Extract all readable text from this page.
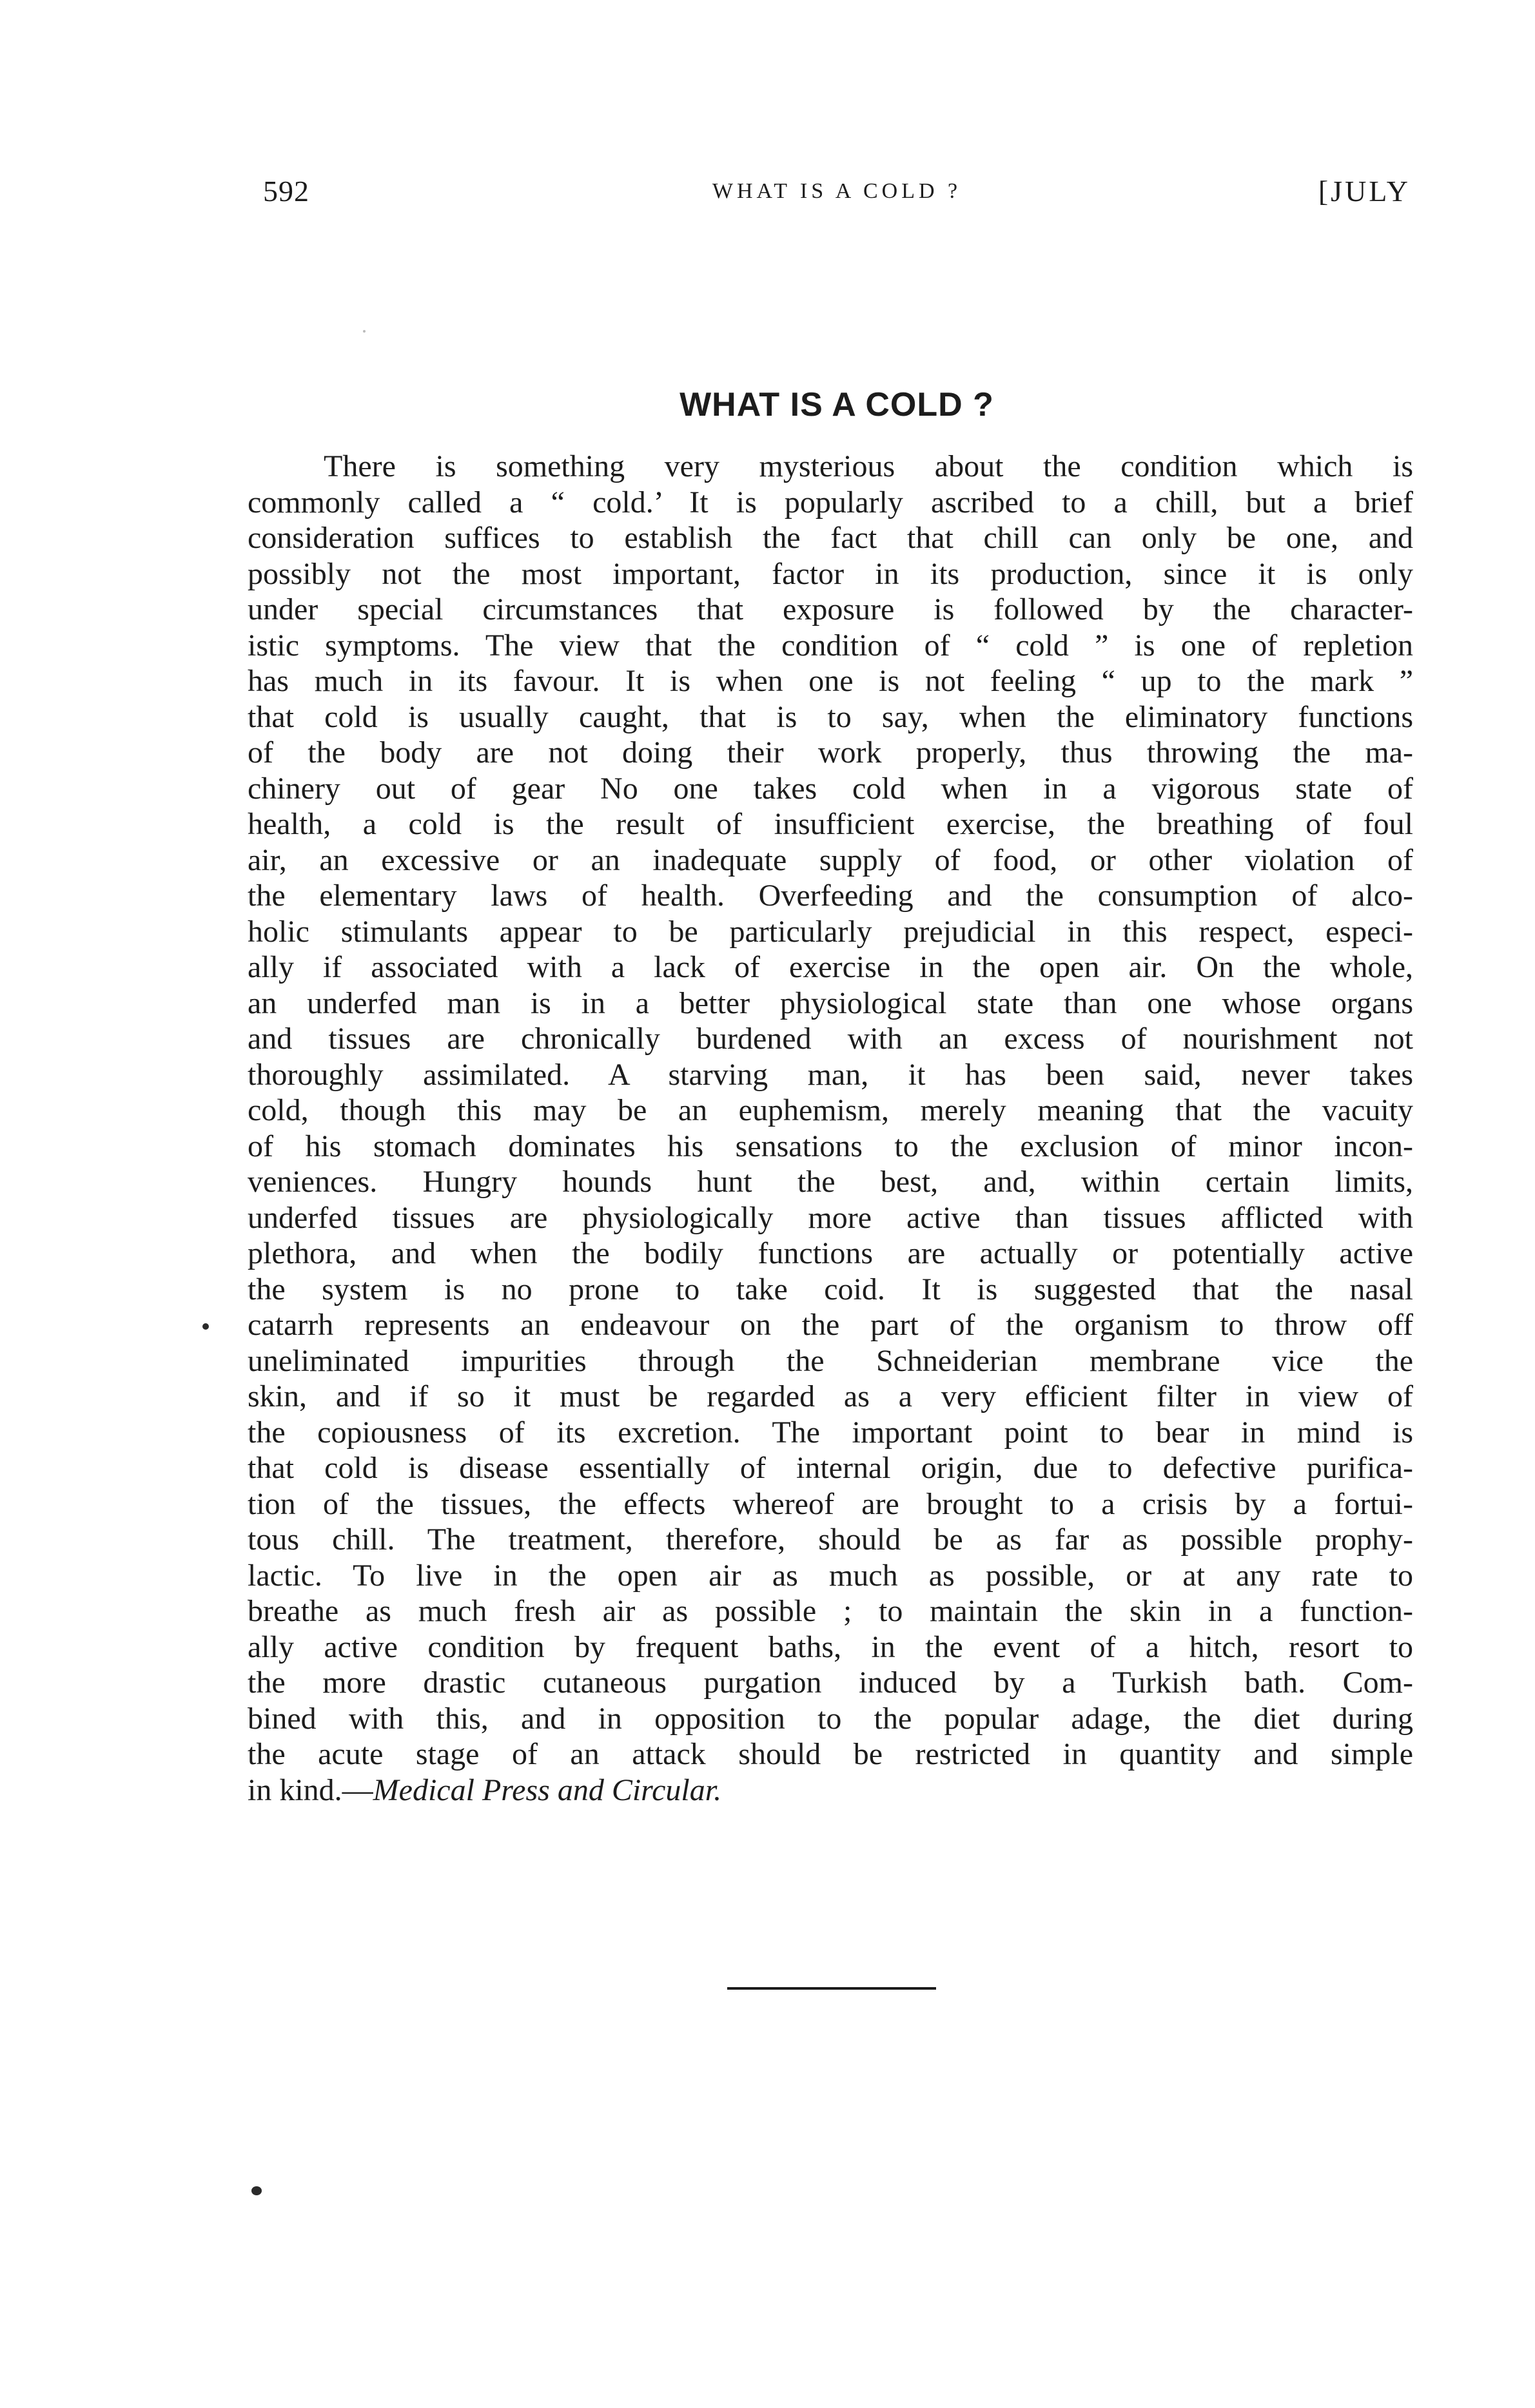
592	WHAT IS A COLD ?	[JULY
WHAT IS A COLD ?
There is something very mysterious about the condition which is
commonly called a “ cold.’ It is popularly ascribed to a chill, but a brief
consideration suffices to establish the fact that chill can only be one, and
possibly not the most important, factor in its production, since it is only
under special circumstances that exposure is followed by the character-
istic symptoms. The view that the condition of “ cold ” is one of repletion
has much in its favour. It is when one is not feeling “ up to the mark ”
that cold is usually caught, that is to say, when the eliminatory functions
of the body are not doing their work properly, thus throwing the ma-
chinery out of gear No one takes cold when in a vigorous state of
health, a cold is the result of insufficient exercise, the breathing of foul
air, an excessive or an inadequate supply of food, or other violation of
the elementary laws of health. Overfeeding and the consumption of alco-
holic stimulants appear to be particularly prejudicial in this respect, especi-
ally if associated with a lack of exercise in the open air. On the whole,
an underfed man is in a better physiological state than one whose organs
and tissues are chronically burdened with an excess of nourishment not
thoroughly assimilated. A starving man, it has been said, never takes
cold, though this may be an euphemism, merely meaning that the vacuity
of his stomach dominates his sensations to the exclusion of minor incon-
veniences. Hungry hounds hunt the best, and, within certain limits,
underfed tissues are physiologically more active than tissues afflicted with
plethora, and when the bodily functions are actually or potentially active
the system is no prone to take coid. It is suggested that the nasal
catarrh represents an endeavour on the part of the organism to throw off
uneliminated impurities through the Schneiderian membrane vice the
skin, and if so it must be regarded as a very efficient filter in view of
the copiousness of its excretion. The important point to bear in mind is
that cold is disease essentially of internal origin, due to defective purifica-
tion of the tissues, the effects whereof are brought to a crisis by a fortui-
tous chill. The treatment, therefore, should be as far as possible prophy-
lactic. To live in the open air as much as possible, or at any rate to
breathe as much fresh air as possible ; to maintain the skin in a function-
ally active condition by frequent baths, in the event of a hitch, resort to
the more drastic cutaneous purgation induced by a Turkish bath. Com-
bined with this, and in opposition to the popular adage, the diet during
the acute stage of an attack should be restricted in quantity and simple
in kind.—Medical Press and Circular.
